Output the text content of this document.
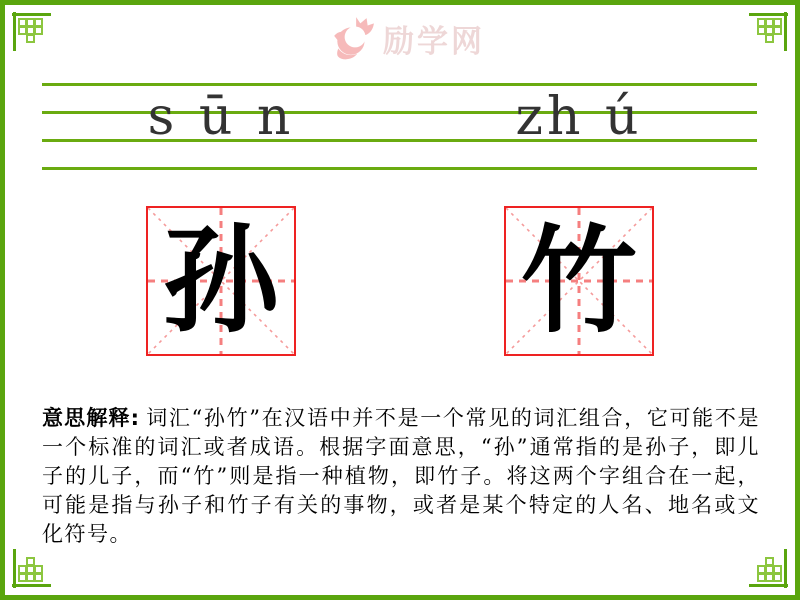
励学网
s ū n	zh ú
孙 竹
意思解释: 词汇“孙竹”在汉语中并不是一个常见的词汇组合，它可能不是一个标准的词汇或者成语。根据字面意思，“孙”通常指的是孙子，即儿子的儿子，而“竹”则是指一种植物，即竹子。将这两个字组合在一起，可能是指与孙子和竹子有关的事物，或者是某个特定的人名、地名或文化符号。
